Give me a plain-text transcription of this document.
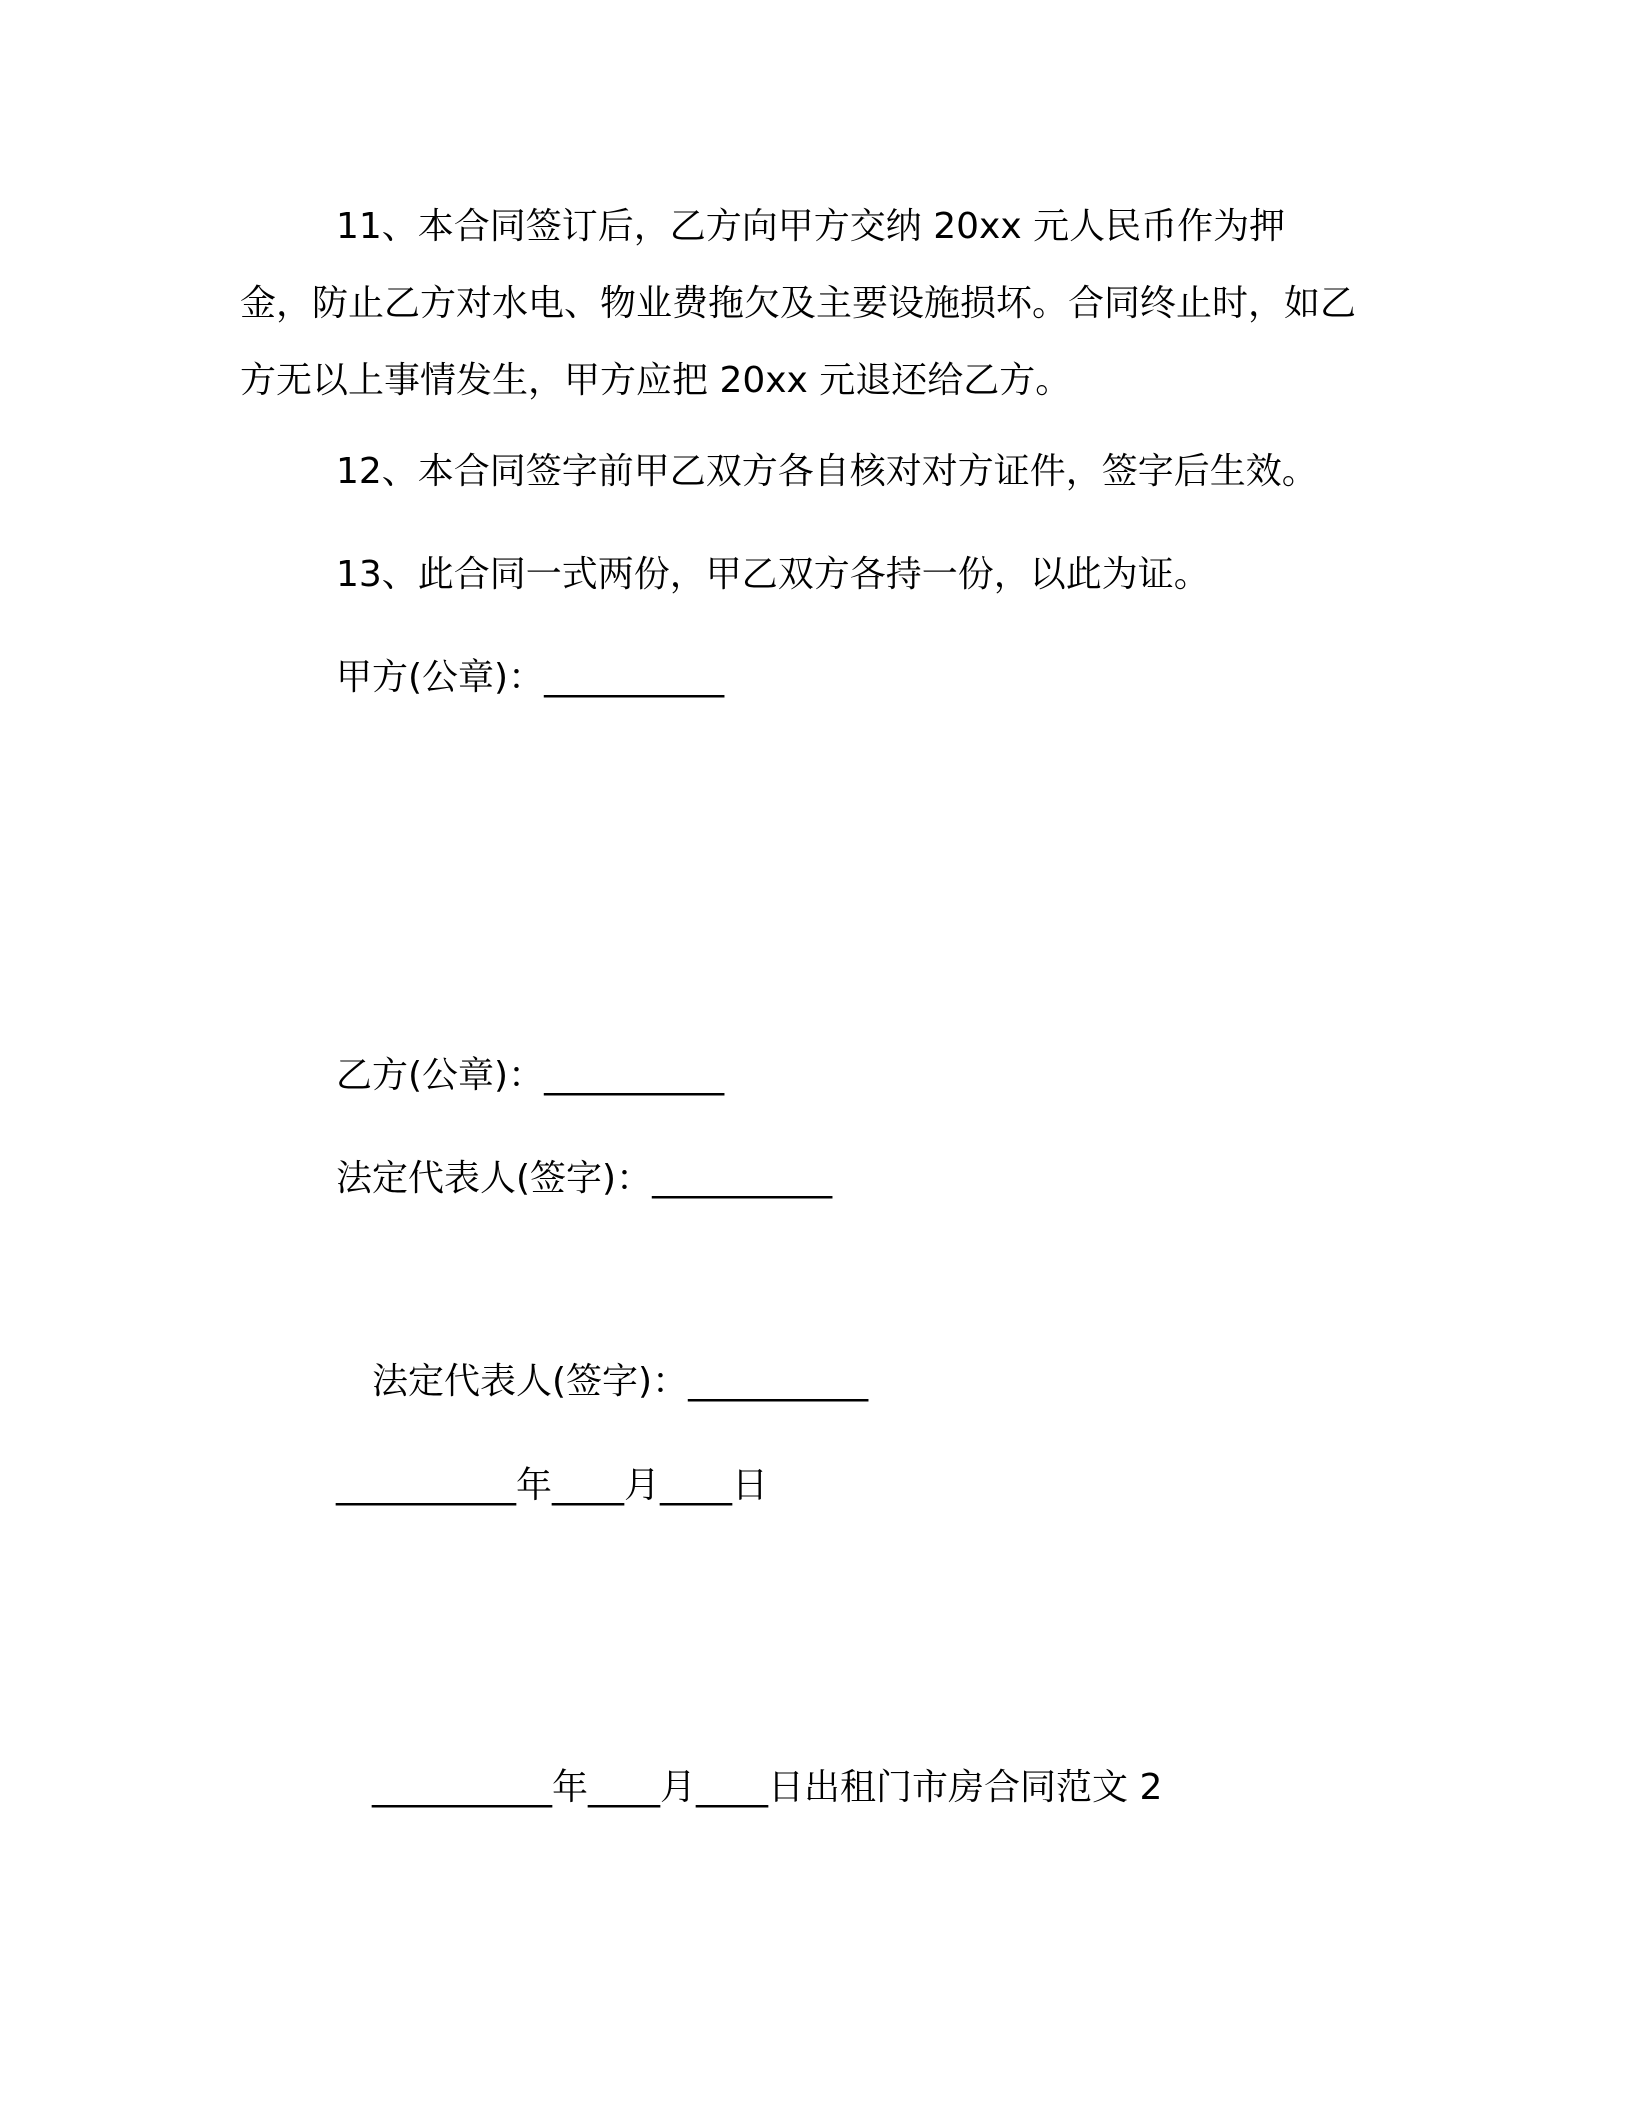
11、本合同签订后，乙方向甲方交纳 20xx 元人民币作为押金，防止乙方对水电、物业费拖欠及主要设施损坏。合同终止时，如乙方无以上事情发生，甲方应把 20xx 元退还给乙方。

12、本合同签字前甲乙双方各自核对对方证件，签字后生效。

13、此合同一式两份，甲乙双方各持一份，以此为证。

甲方(公章)：__________

乙方(公章)：__________

法定代表人(签字)：__________

法定代表人(签字)：__________

__________年____月____日

__________年____月____日出租门市房合同范文 2
